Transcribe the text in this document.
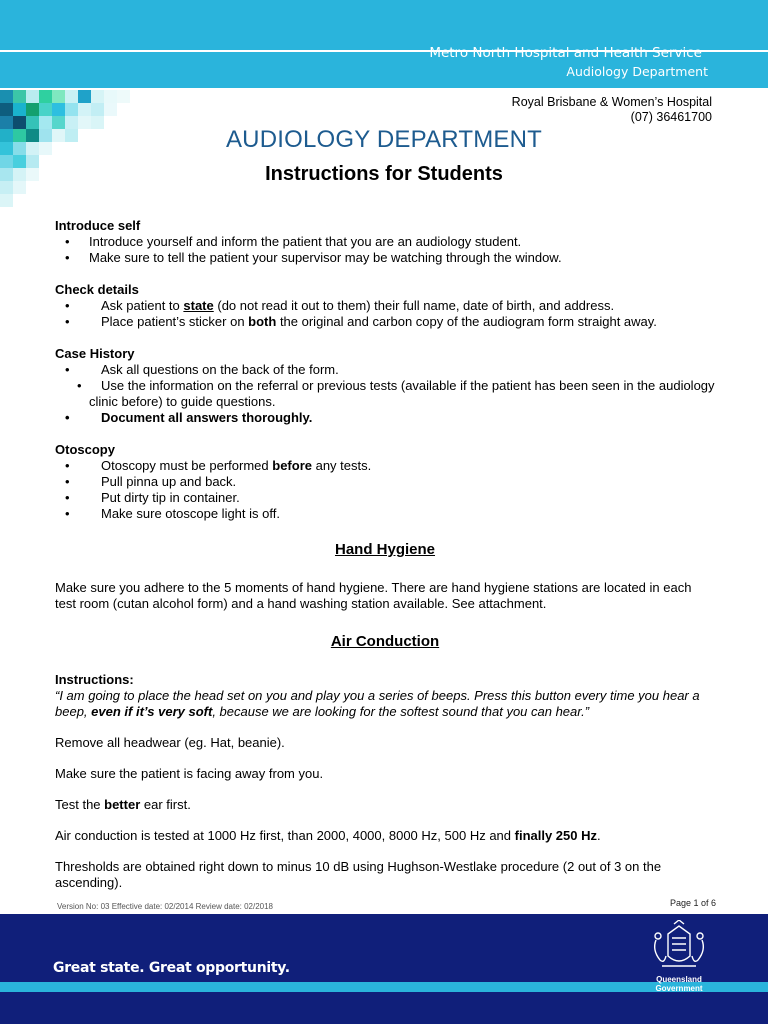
Metro North Hospital and Health Service
Audiology Department
Royal Brisbane & Women’s Hospital
(07) 36461700
AUDIOLOGY DEPARTMENT
Instructions for Students
Introduce self
• Introduce yourself and inform the patient that you are an audiology student.
• Make sure to tell the patient your supervisor may be watching through the window.
Check details
• Ask patient to state (do not read it out to them) their full name, date of birth, and address.
• Place patient’s sticker on both the original and carbon copy of the audiogram form straight away.
Case History
• Ask all questions on the back of the form.
• Use the information on the referral or previous tests (available if the patient has been seen in the audiology clinic before) to guide questions.
• Document all answers thoroughly.
Otoscopy
• Otoscopy must be performed before any tests.
• Pull pinna up and back.
• Put dirty tip in container.
• Make sure otoscope light is off.
Hand Hygiene

Make sure you adhere to the 5 moments of hand hygiene. There are hand hygiene stations are located in each test room (cutan alcohol form) and a hand washing station available. See attachment.

Air Conduction
Instructions:

“I am going to place the head set on you and play you a series of beeps. Press this button every time you hear a beep, even if it’s very soft, because we are looking for the softest sound that you can hear.”

Remove all headwear (eg. Hat, beanie).

Make sure the patient is facing away from you.

Test the better ear first.

Air conduction is tested at 1000 Hz first, than 2000, 4000, 8000 Hz, 500 Hz and finally 250 Hz.

Thresholds are obtained right down to minus 10 dB using Hughson-Westlake procedure (2 out of 3 on the ascending).

Version No: 03 Effective date: 02/2014 Review date: 02/2018	Page 1 of 6
Great state. Great opportunity.
Queensland
Government
